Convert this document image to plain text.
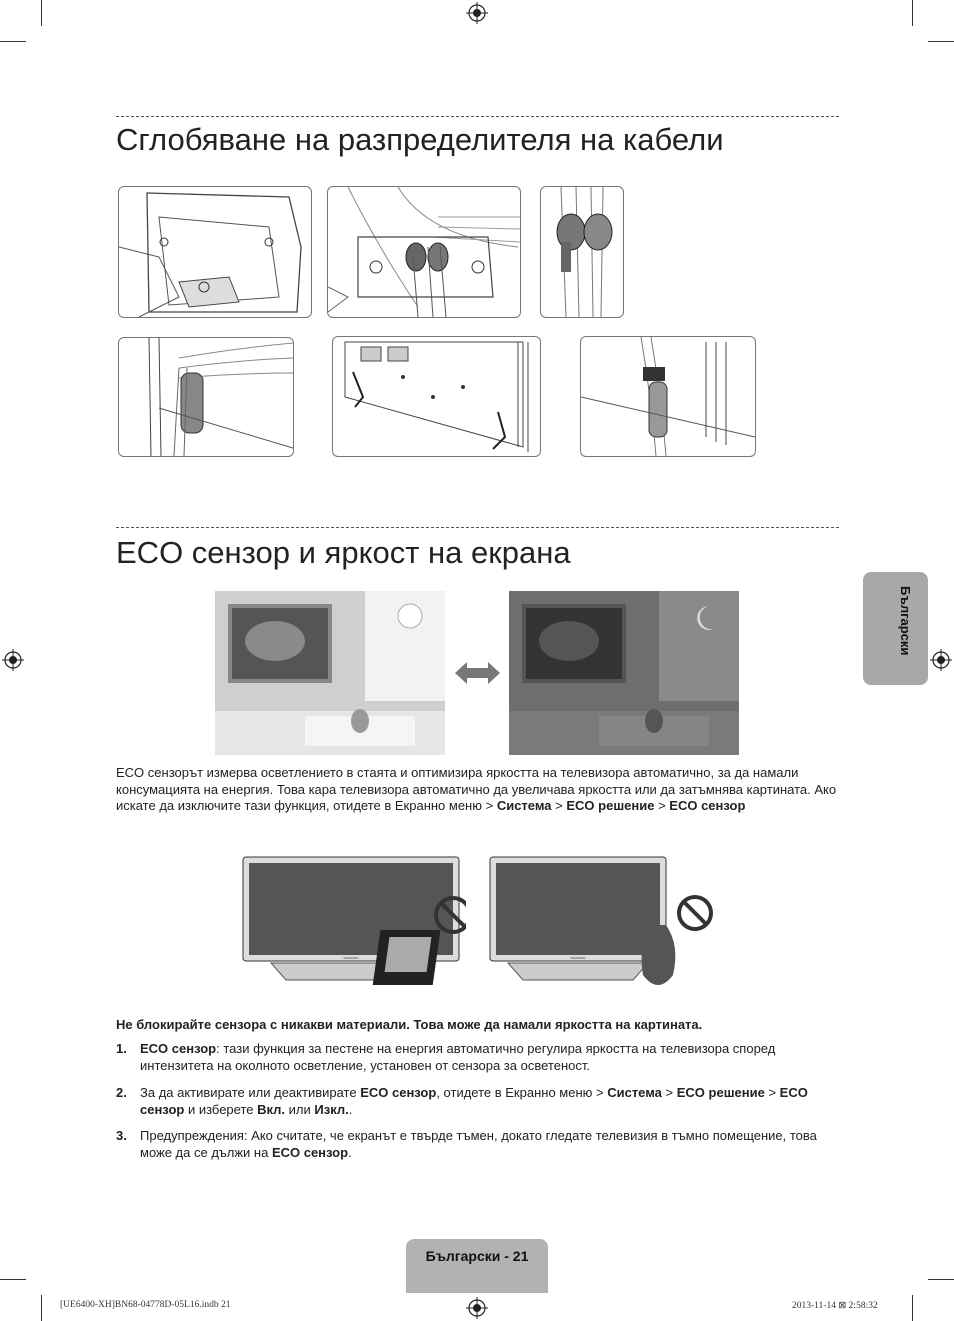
Сглобяване на разпределителя на кабели
ECO сензор и яркост на екрана
ECO сензорът измерва осветлението в стаята и оптимизира яркостта на телевизора автоматично, за да намали консумацията на енергия. Това кара телевизора автоматично да увеличава яркостта или да затъмнява картината. Ако искате да изключите тази функция, отидете в Екранно меню > Система > ECO решение > ECO сензор
SAMSUNG	SAMSUNG
Не блокирайте сензора с никакви материали. Това може да намали яркостта на картината.
1.	ECO сензор: тази функция за пестене на енергия автоматично регулира яркостта на телевизора според интензитета на околното осветление, установен от сензора за осветеност.
2.	За да активирате или деактивирате ECO сензор, отидете в Екранно меню > Система > ECO решение > ECO сензор и изберете Вкл. или Изкл..
3.	Предупреждения: Ако считате, че екранът е твърде тъмен, докато гледате телевизия в тъмно помещение, това може да се дължи на ECO сензор.
Български
Български - 21
[UE6400-XH]BN68-04778D-05L16.indb 21	2013-11-14 ⊠ 2:58:32
